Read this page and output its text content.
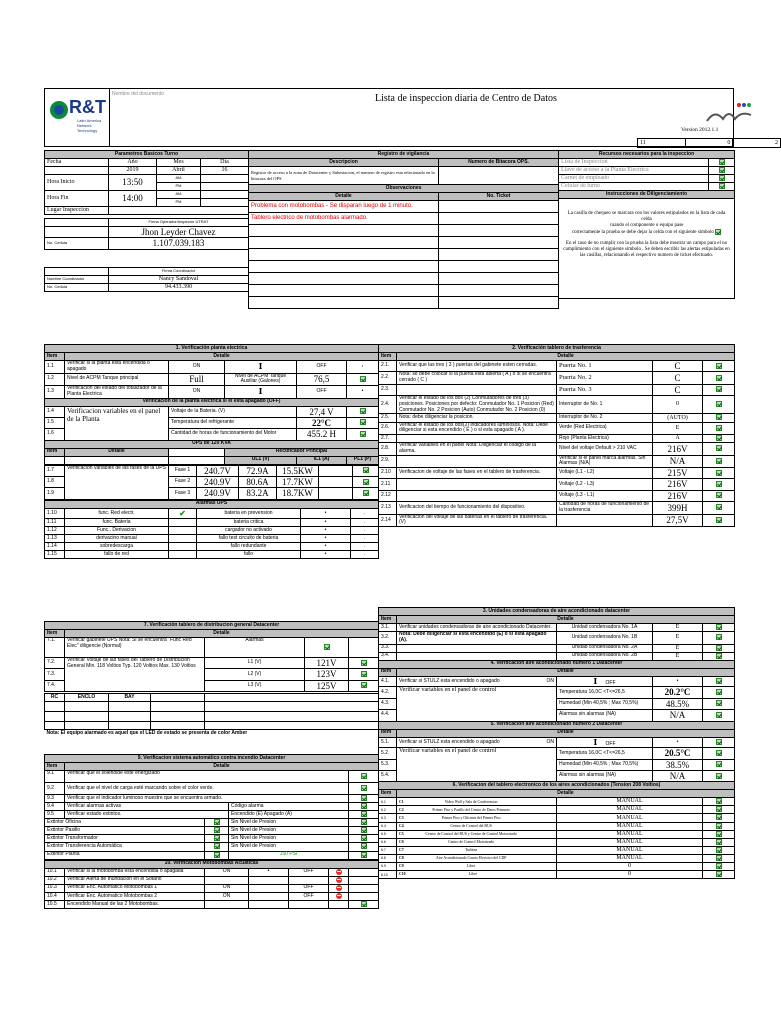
R&T
Latin America
Network Technology
Nombre del documento	Lista de inspeccion diaria de Centro de Datos
Version 2012.1.1
11	0	2
Parametros Basicos Turno			
Fecha	Año	Mes	Dia
	2019	Abril	16
Hora Inicio	13:50	AM	
		PM	
Hora Fin	14:00	AM	
		PM	
Lugar Inspeccion			

	Firma Operador/Inspector UTRAT		
	Jhon Leyder Chavez		
No. Cedula	1.107.039.183		

	Firma Coordinador		
Nombre Coordinador	Nancy Sandoval		
No. Cedula	94.433.390		
Registro de vigilancia	
Descripcion	Numero de Bitacora OPS.
Registro de acceso a la zona de Datacenter y Subestacion, el numero de registro esta relacionado en la bitacora del OPS	
Observaciones	
Detalle	No. Ticket
Problema con motobombas - Se disparan luego de 1 minuto.	
Tablero electrico de motobombas alarmado.	

Recursos necesarios para la inspeccion	
Lista de Inspeccion	
Llave de acceso a la Planta Electrica	
Carnet de empleado	
Celular de turno	
Instrucciones de Diligenciamiento	

La casilla de chequeo se marcara con los valores estipulados en la lista de cada celda
cuando el componente o equipo pase
correctamente la prueba se debe dejar la celda con el siguiente simbolo
En el caso de no cumplir con la prueba la lista debe mostrar un campo para el no cumplimiento con el siguiente simbolo . Se deben escribir las alertas estipuladas en las casillas, relacionando el respectivo numero de ticket efectuado.	
1. Verificación planta electrica					
Item	Detalle				
1.1	Verificar si la planta esta encendida o apagado	ON	I	OFF	•
1.2	Nivel de ACPM Tanque principal	Full	Nivel de ACPM Tanque Auxiliar (Galones)	76,5	
1.3	Verificacion del estado del totalizador de la Planta Electrica	ON	I	OFF	•
Verificacion de la planta electrica si el esta apagado (OFF)					
1.4	Verificacion variables en el panel de la Planta	Voltaje de la Bateria. (V)		27,4 V	
1.5		Temperatura del refrigerante		22°C	
1.6		Cantidad de horas de funcionamiento del Motor		455.2 H	
UPS de 120 KVA					
Item	Detalle		Rectificador Principal		
			UL1 (V)	IL1 (A)	PL1 (P)
1.7	Verificacion variables de las fases de la UPS	Fase 1	240.7V	72.9A	15.5KW		
1.8		Fase 2	240.9V	80.6A	17.7KW		
1.9		Fase 3	240.9V	83.2A	18.7KW		
Alarmas UPS					
1.10	func. Red electr.	✔	bateria en prevension	•	.
1.11	func. Bateria		bateria critica	•	.
1.12	Func.. Derivacion		cargador no activado	•	.
1.13	derivacino manual		fallo test circuito de bateria	•	.
1.14	sobredescarga		fallo redundante	•	.
1.15	fallo de red		fallo	•	.
2. Verificación tablero de trasferencia				
Item	Detalle			
2.1.	Verificar que las tres ( 3 ) puertas del gabinete esten cerradas.	Puerta No. 1	C	
2.2.	Nota: se debe colocar si la puerta esta abierta ( A ) o si se encuentra cerrado ( C )	Puerta No. 2	C	
2.3.		Puerta No. 3	C	
2.4.	Verificar el estado de los dos (2) Conmutadores de tres (3) posiciones. Posiciones por defecto: Conmutador No. 1 Posicion (Red) Conmutador No. 2 Posicion (Auto) Conmutador No. 2 Posicion (0)	Interruptor de No. 1	0	
2.5.	Nota: debe diligenciar la posicion.	Interruptor de No. 2	(AUTO)	
2.6.	Verificar el estado de los dos(2) indicadores luminosos. Nota: Debe diligenciar si esta encendido ( E ) o si esta apagado ( A ).	Verde (Red Electrica)	E	
2.7.		Rojo (Planta Electrica)	A	
2.8.	Verificar variables en el panel Nota: Diligenciar el codigo de la alarma.	Nivel del voltaje Default > 210 VAC	216V	
2.9.		Verificar si el panel marca alarmas. Sin Alarmas (N/A)	N/A	
2.10	Verificacion de voltaje de las fases en el tablero de trasferencia.	Voltaje (L1 - L2)	215V	
2.11		Voltaje (L2 - L3)	216V	
2.12		Voltaje (L3 - L1)	216V	
2.13	Verificacion del tiempo de funcionamiento del dispositivo.	Cantidad de horas de funcionamiento de la trasferencia	399H	
2.14	Verificacion del voltaje de las baterias en el tablero de trasferencia. (V)		27,5V	
3. Unidades condensadoras de aire acondicionado datacenter				
Item	Detalle			
3.1.	Verificar unidades condensadoras de aire acondicionado Datacenter.	Unidad condensadora No. 1A	E	
3.2.	Nota: Debe diligenciar si esta encendido (E) o si esta apagado (A).	Unidad condensadora No. 1B	E	
3.3.		Unidad condensadora No. 2A	E	
3.4.		Unidad condensadora No. 2B	E	
4. Verificación aire acondicionado número 1 Datacenter				
Item	Detalle			
4.1.	Verificar si STULZ esta encendido o apagado ON	I OFF	•	
4.2.	Verificar variables en el panel de control	Temperatura 16,0C <T<=26,5	20.2°C	
4.3.		Humedad (Min 40,5% ; Max 70,5%)	48.5%	
4.4.		Alarmas sin alarmas (NA)	N/A	
5. Verificación aire acondicionado número 2 Datacenter				
Item	Detalle			
5.1.	Verificar si STULZ esta encendido o apagado ON	I OFF	•	
5.2.	Verificar variables en el panel de control	Temperatura 16,0C <T<=26,5	20.5°C	
5.3.		Humedad (Min 40,5% ; Max 70,5%)	38.5%	
5.4.		Alarmas sin alarmas (NA)	N/A	
6. Verificacion del tablero electronico de los aires acondicionados (Tension 208 Voltios)				
Item	Detalle			
6.1	C1 Video Wall y Sala de Conferencias	MANUAL		
6.2	C2 Primer Piso y Pasillo del Centro de Datos Primario	MANUAL		
6.3	C3 Primer Piso y Oficinas del Primer Piso	MANUAL		
6.4	C4 Centro de Control del BUS	MANUAL		
6.5	C5 Centro de Control del BUS y Centro de Control Motorizado	MANUAL		
6.6	C6 Centro de Control Motorizado	MANUAL		
6.7	C7 Turbina	MANUAL		
6.8	C8 Aire Acondicionado Cuarto Electrico del CDP	MANUAL		
6.9	C9 Libre	0		
6.10	C10 Libre	0		
7. Verificación tablero de distribucion general Datacenter				
Item	Detalle			
7.1.	Verificar gabinete UPS Nota: Si se encuentra "Func Red Elec" diligencie (Normal)	Alarmas		
7.2.	Verificar Voltaje de las fases del Tablero de Distribucion General Min. 118 Voltios Typ. 120 Voltios Max. 130 Voltios	L1 (V)	121V	
7.3.		L2 (V)	123V	
7.4.		L3 (V)	125V	
RC	ENCLO	BAY		

Nota: El equipo alarmado es aquel que el LED de estado se presenta de color Amber				
9. Verificacion sistema automático contra incendio Datacenter				
Item	Detalle			
9.1	Verificar que el solenoide esté energizado			
9.2	Verificar que el nivel de carga esté marcando sobre el color verde.			
9.3	Verificar que el indicador luminoso muestre que se encuentra armado.			
9.4	Verificar alarmas activas		Código alarma	
9.5	Verificar estado extintos.		Encendido (E) Apagado (A)	
Extintor Oficina			Sin Nivel de Presion	
Extintor Pasillo			Sin Nivel de Presion	
Extintor Transformador			Sin Nivel de Presion	
Extintor Transferencia Automática			Sin Nivel de Presion	
Extintor Planta			150 PSI	
10. Verificacion Motobombas Acuaticas						
10.1	Verificar si la motobomba esta encendida o apagada	ON	•	OFF		
10.2	Verificar Alerta de Inundacion en el Sotano					
10.3	Verificar Enc. Automatico Motobombas 1	ON		OFF		
10.4	Verificar Enc. Automatico Motobombas 2	ON		OFF		
10.5	Encendido Manual de las 2 Motobombas.					
